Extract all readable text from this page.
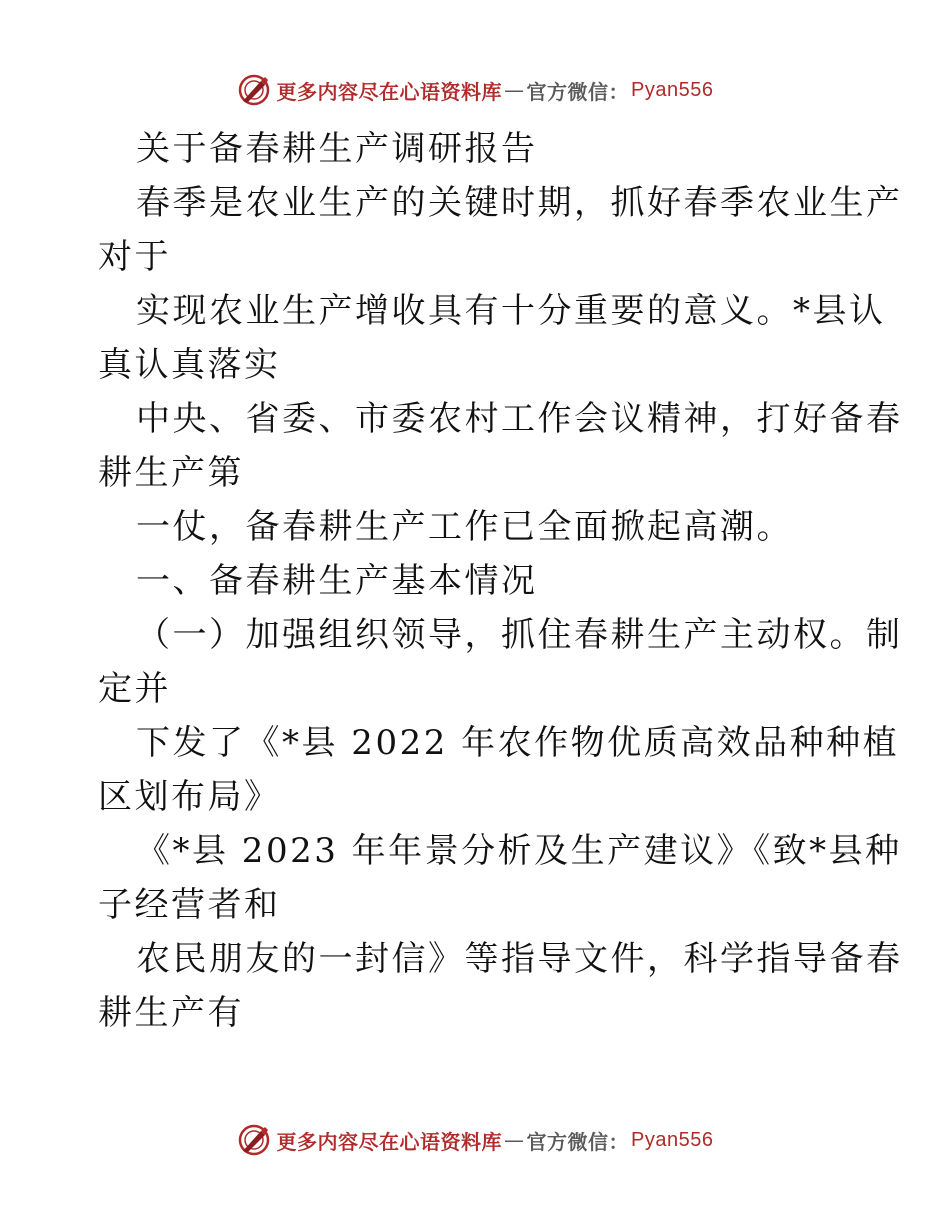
更多内容尽在心语资料库 — 官方微信： Pyan556
关于备春耕生产调研报告
春季是农业生产的关键时期，抓好春季农业生产
对于
实现农业生产增收具有十分重要的意义。*县认
真认真落实
中央、省委、市委农村工作会议精神，打好备春
耕生产第
一仗，备春耕生产工作已全面掀起高潮。
一、备春耕生产基本情况
（一）加强组织领导，抓住春耕生产主动权。制
定并
下发了《*县 2022 年农作物优质高效品种种植
区划布局》
《*县 2023 年年景分析及生产建议》《致*县种
子经营者和
农民朋友的一封信》等指导文件，科学指导备春
耕生产有
更多内容尽在心语资料库 — 官方微信： Pyan556
